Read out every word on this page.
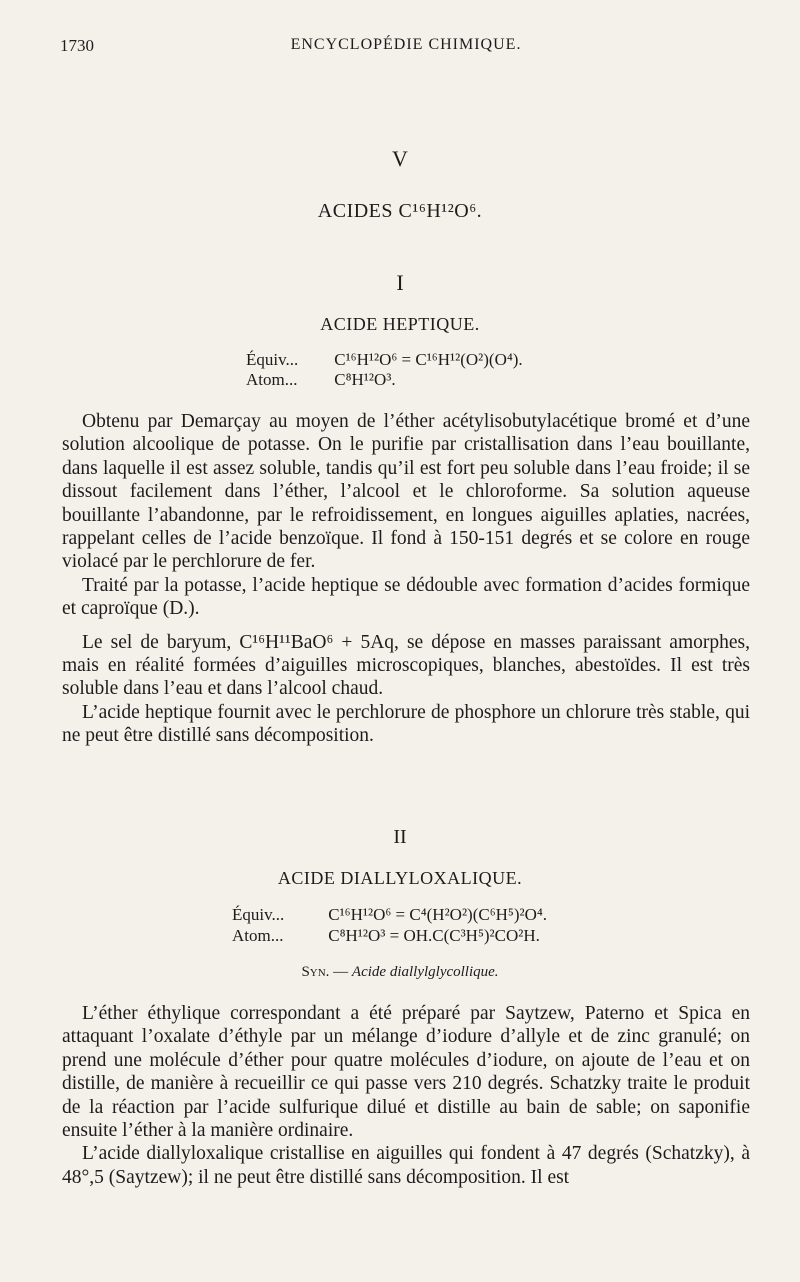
1730	ENCYCLOPÉDIE CHIMIQUE.
V
ACIDES C¹⁶H¹²O⁶.
I
ACIDE HEPTIQUE.
Équiv... C¹⁶H¹²O⁶ = C¹⁶H¹²(O²)(O⁴).
Atom... C⁸H¹²O³.

Obtenu par Demarçay au moyen de l’éther acétylisobutylacétique bromé et d’une solution alcoolique de potasse. On le purifie par cristallisation dans l’eau bouillante, dans laquelle il est assez soluble, tandis qu’il est fort peu soluble dans l’eau froide; il se dissout facilement dans l’éther, l’alcool et le chloroforme. Sa solution aqueuse bouillante l’abandonne, par le refroidissement, en longues aiguilles aplaties, nacrées, rappelant celles de l’acide benzoïque. Il fond à 150-151 degrés et se colore en rouge violacé par le perchlorure de fer.

Traité par la potasse, l’acide heptique se dédouble avec formation d’acides formique et caproïque (D.).

Le sel de baryum, C¹⁶H¹¹BaO⁶ + 5Aq, se dépose en masses paraissant amorphes, mais en réalité formées d’aiguilles microscopiques, blanches, abestoïdes. Il est très soluble dans l’eau et dans l’alcool chaud.

L’acide heptique fournit avec le perchlorure de phosphore un chlorure très stable, qui ne peut être distillé sans décomposition.

II
ACIDE DIALLYLOXALIQUE.
Équiv...	C¹⁶H¹²O⁶ = C⁴(H²O²)(C⁶H⁵)²O⁴.
Atom...	C⁸H¹²O³ = OH.C(C³H⁵)²CO²H.
Syn. — Acide diallylglycollique.

L’éther éthylique correspondant a été préparé par Saytzew, Paterno et Spica en attaquant l’oxalate d’éthyle par un mélange d’iodure d’allyle et de zinc granulé; on prend une molécule d’éther pour quatre molécules d’iodure, on ajoute de l’eau et on distille, de manière à recueillir ce qui passe vers 210 degrés. Schatzky traite le produit de la réaction par l’acide sulfurique dilué et distille au bain de sable; on saponifie ensuite l’éther à la manière ordinaire.

L’acide diallyloxalique cristallise en aiguilles qui fondent à 47 degrés (Schatzky), à 48°,5 (Saytzew); il ne peut être distillé sans décomposition. Il est
